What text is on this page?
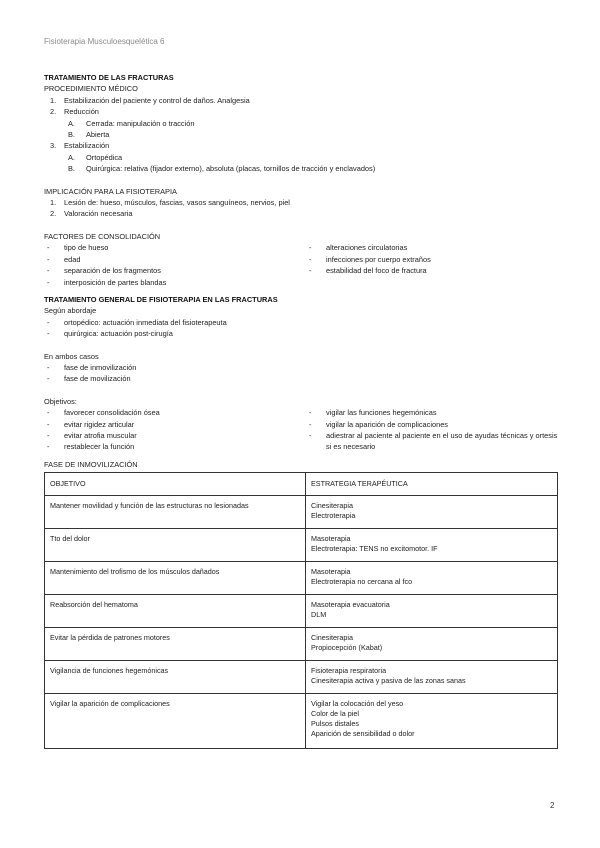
Fisioterapia Musculoesquelética 6
TRATAMIENTO DE LAS FRACTURAS
PROCEDIMIENTO MÉDICO
1. Estabilización del paciente y control de daños. Analgesia
2. Reducción
A. Cerrada: manipulación o tracción
B. Abierta
3. Estabilización
A. Ortopédica
B. Quirúrgica: relativa (fijador externo), absoluta (placas, tornillos de tracción y enclavados)
IMPLICACIÓN PARA LA FISIOTERAPIA
1. Lesión de: hueso, músculos, fascias, vasos sanguíneos, nervios, piel
2. Valoración necesaria
FACTORES DE CONSOLIDACIÓN
- tipo de hueso
- edad
- separación de los fragmentos
- interposición de partes blandas
- alteraciones circulatorias
- infecciones por cuerpo extraños
- estabilidad del foco de fractura
TRATAMIENTO GENERAL DE FISIOTERAPIA EN LAS FRACTURAS
Según abordaje
- ortopédico: actuación inmediata del fisioterapeuta
- quirúrgica: actuación post-cirugía
En ambos casos
- fase de inmovilización
- fase de movilización
Objetivos:
- favorecer consolidación ósea
- evitar rigidez articular
- evitar atrofia muscular
- restablecer la función
- vigilar las funciones hegemónicas
- vigilar la aparición de complicaciones
- adiestrar al paciente al paciente en el uso de ayudas técnicas y ortesis si es necesario
FASE DE INMOVILIZACIÓN
OBJETIVO	ESTRATEGIA TERAPÉUTICA
Mantener movilidad y función de las estructuras no lesionadas	Cinesiterapia
Electroterapia

Tto del dolor	Masoterapia
Electroterapia: TENS no excitomotor. IF

Mantenimiento del trofismo de los músculos dañados	Masoterapia
Electroterapia no cercana al fco

Reabsorción del hematoma	Masoterapia evacuatoria
DLM

Evitar la pérdida de patrones motores	Cinesiterapia
Propiocepción (Kabat)

Vigilancia de funciones hegemónicas	Fisioterapia respiratoria
Cinesiterapia activa y pasiva de las zonas sanas

Vigilar la aparición de complicaciones	Vigilar la colocación del yeso
Color de la piel
Pulsos distales
Aparición de sensibilidad o dolor
2
